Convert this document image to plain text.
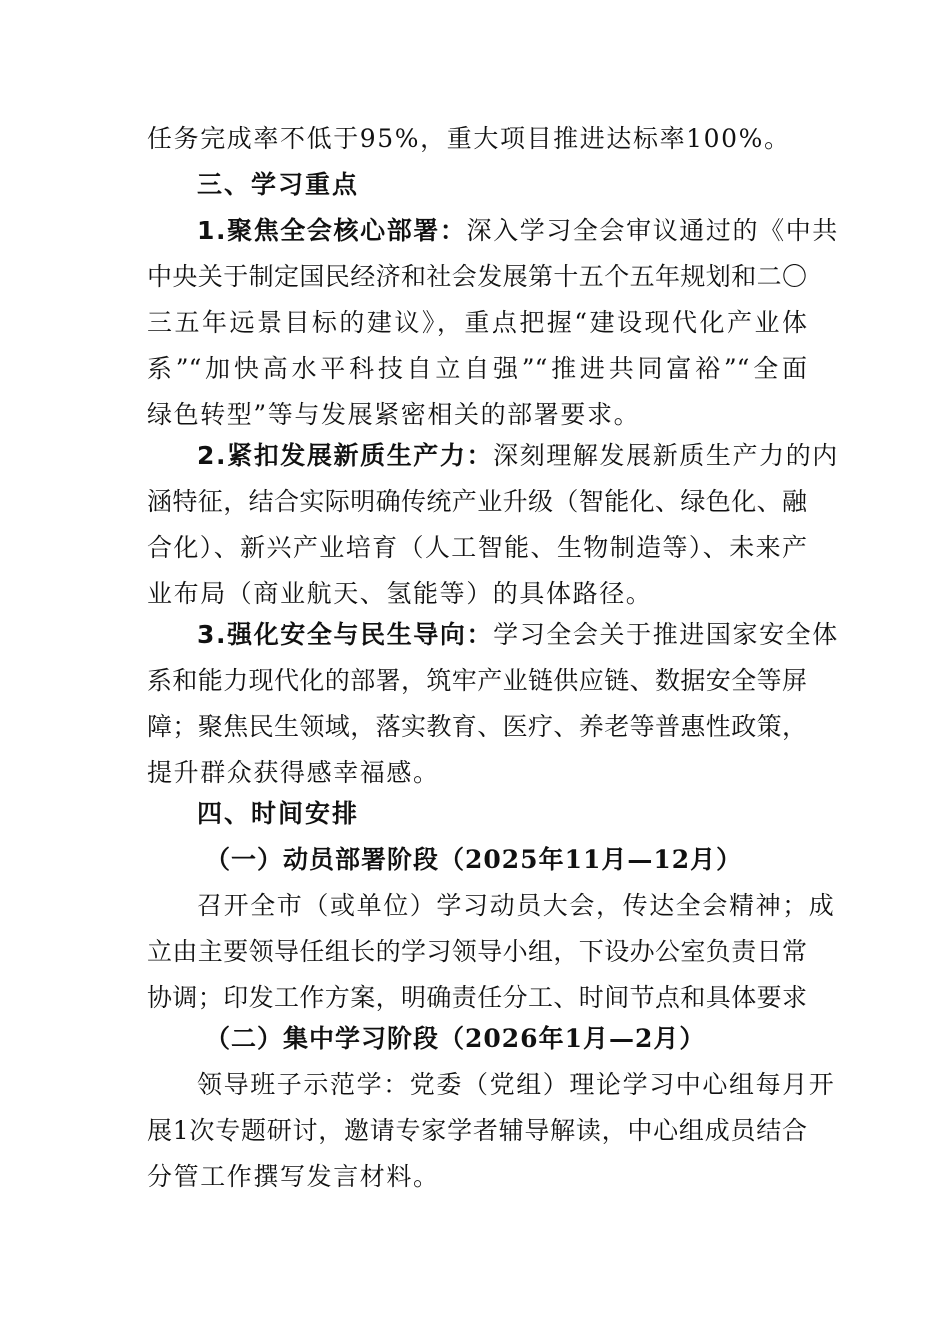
任务完成率不低于95%，重大项目推进达标率100%。
三、学习重点
1.聚焦全会核心部署：深入学习全会审议通过的《中共
中央关于制定国民经济和社会发展第十五个五年规划和二〇
三五年远景目标的建议》，重点把握“建设现代化产业体
系”“加快高水平科技自立自强”“推进共同富裕”“全面
绿色转型”等与发展紧密相关的部署要求。
2.紧扣发展新质生产力：深刻理解发展新质生产力的内
涵特征，结合实际明确传统产业升级（智能化、绿色化、融
合化）、新兴产业培育（人工智能、生物制造等）、未来产
业布局（商业航天、氢能等）的具体路径。
3.强化安全与民生导向：学习全会关于推进国家安全体
系和能力现代化的部署，筑牢产业链供应链、数据安全等屏
障；聚焦民生领域，落实教育、医疗、养老等普惠性政策，
提升群众获得感幸福感。
四、时间安排
（一）动员部署阶段（2025年11月—12月）
召开全市（或单位）学习动员大会，传达全会精神；成
立由主要领导任组长的学习领导小组，下设办公室负责日常
协调；印发工作方案，明确责任分工、时间节点和具体要求
（二）集中学习阶段（2026年1月—2月）
领导班子示范学：党委（党组）理论学习中心组每月开
展1次专题研讨，邀请专家学者辅导解读，中心组成员结合
分管工作撰写发言材料。
